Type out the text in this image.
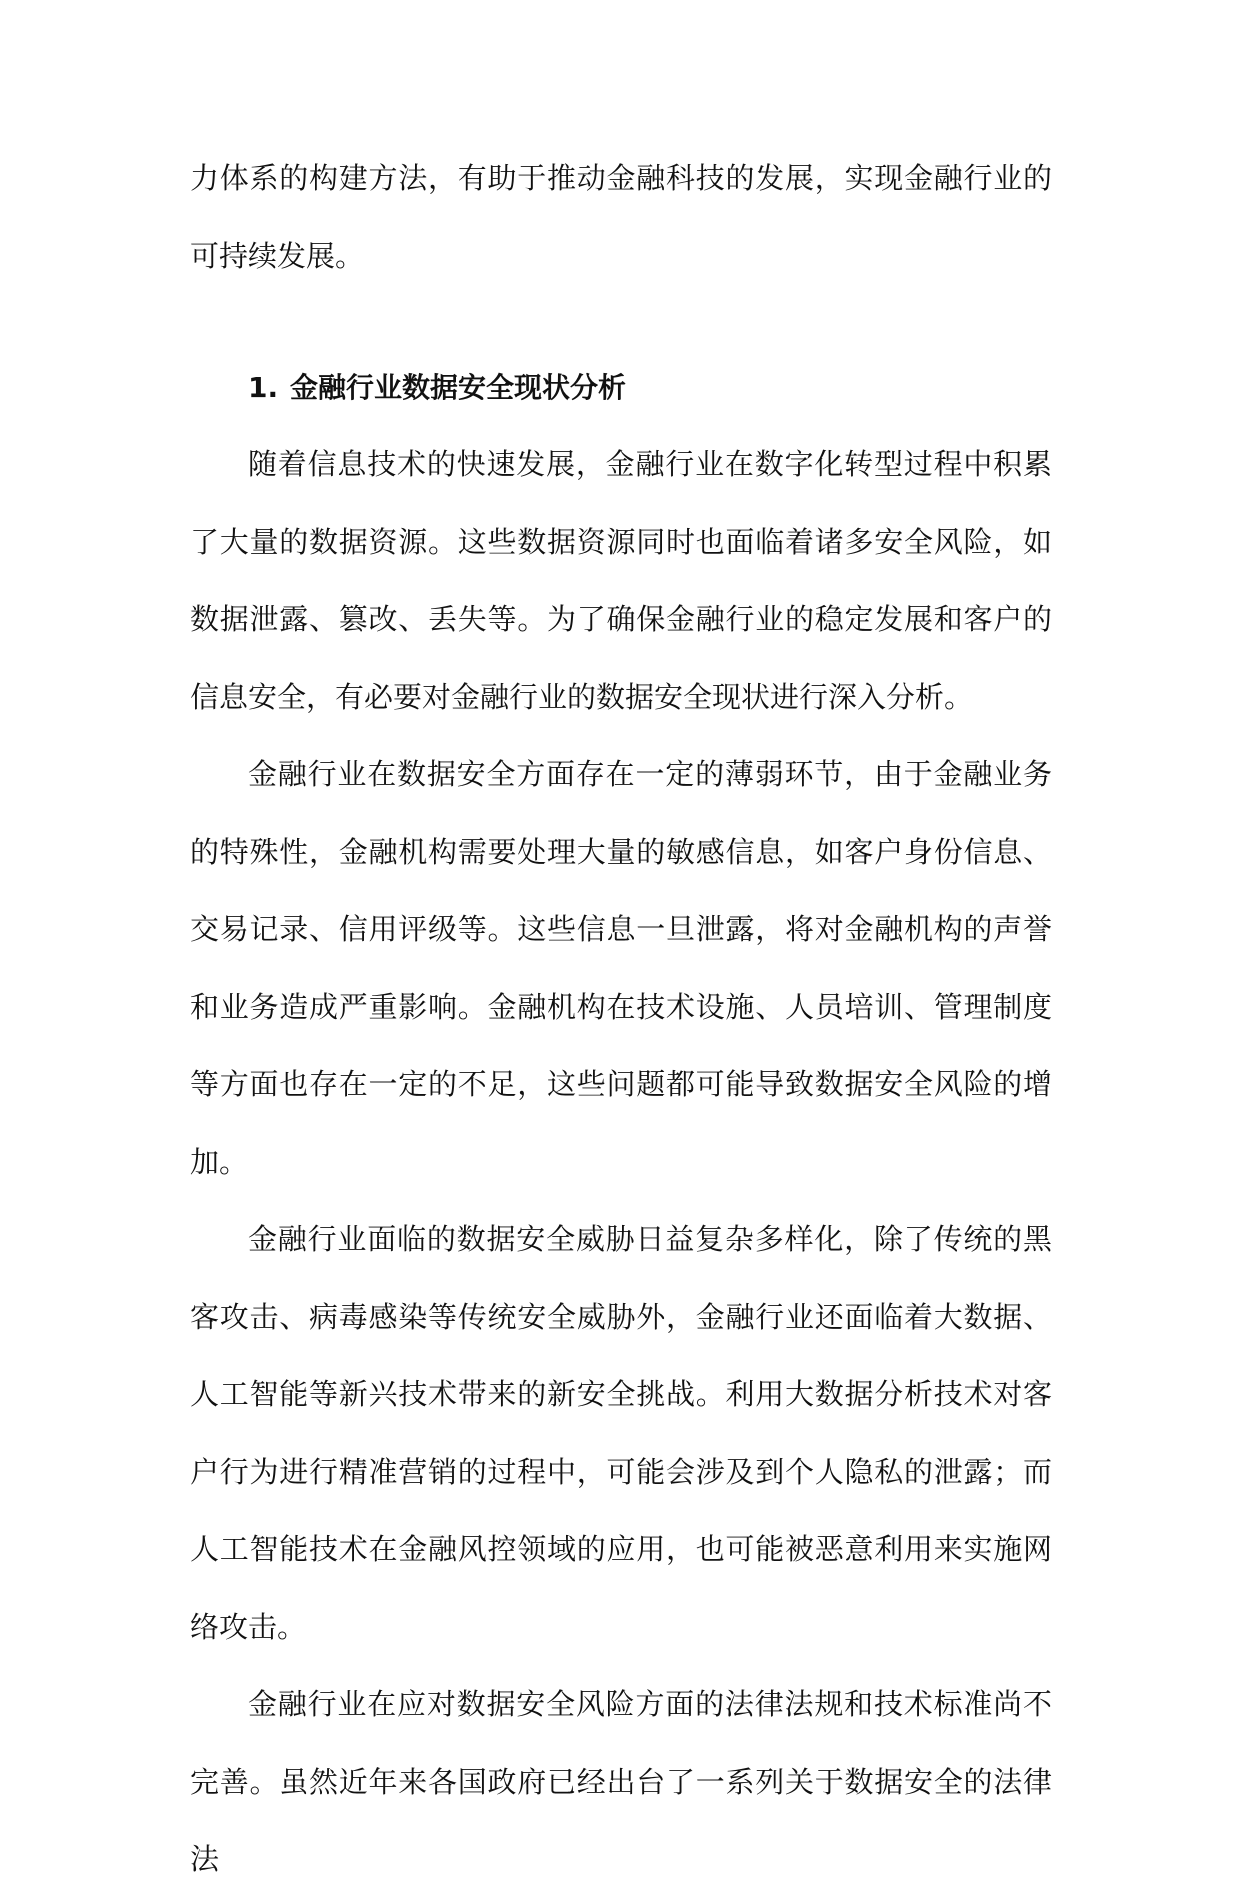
力体系的构建方法，有助于推动金融科技的发展，实现金融行业的可持续发展。

1. 金融行业数据安全现状分析

随着信息技术的快速发展，金融行业在数字化转型过程中积累了大量的数据资源。这些数据资源同时也面临着诸多安全风险，如数据泄露、篡改、丢失等。为了确保金融行业的稳定发展和客户的信息安全，有必要对金融行业的数据安全现状进行深入分析。

金融行业在数据安全方面存在一定的薄弱环节，由于金融业务的特殊性，金融机构需要处理大量的敏感信息，如客户身份信息、交易记录、信用评级等。这些信息一旦泄露，将对金融机构的声誉和业务造成严重影响。金融机构在技术设施、人员培训、管理制度等方面也存在一定的不足，这些问题都可能导致数据安全风险的增加。

金融行业面临的数据安全威胁日益复杂多样化，除了传统的黑客攻击、病毒感染等传统安全威胁外，金融行业还面临着大数据、人工智能等新兴技术带来的新安全挑战。利用大数据分析技术对客户行为进行精准营销的过程中，可能会涉及到个人隐私的泄露；而人工智能技术在金融风控领域的应用，也可能被恶意利用来实施网络攻击。

金融行业在应对数据安全风险方面的法律法规和技术标准尚不完善。虽然近年来各国政府已经出台了一系列关于数据安全的法律法
